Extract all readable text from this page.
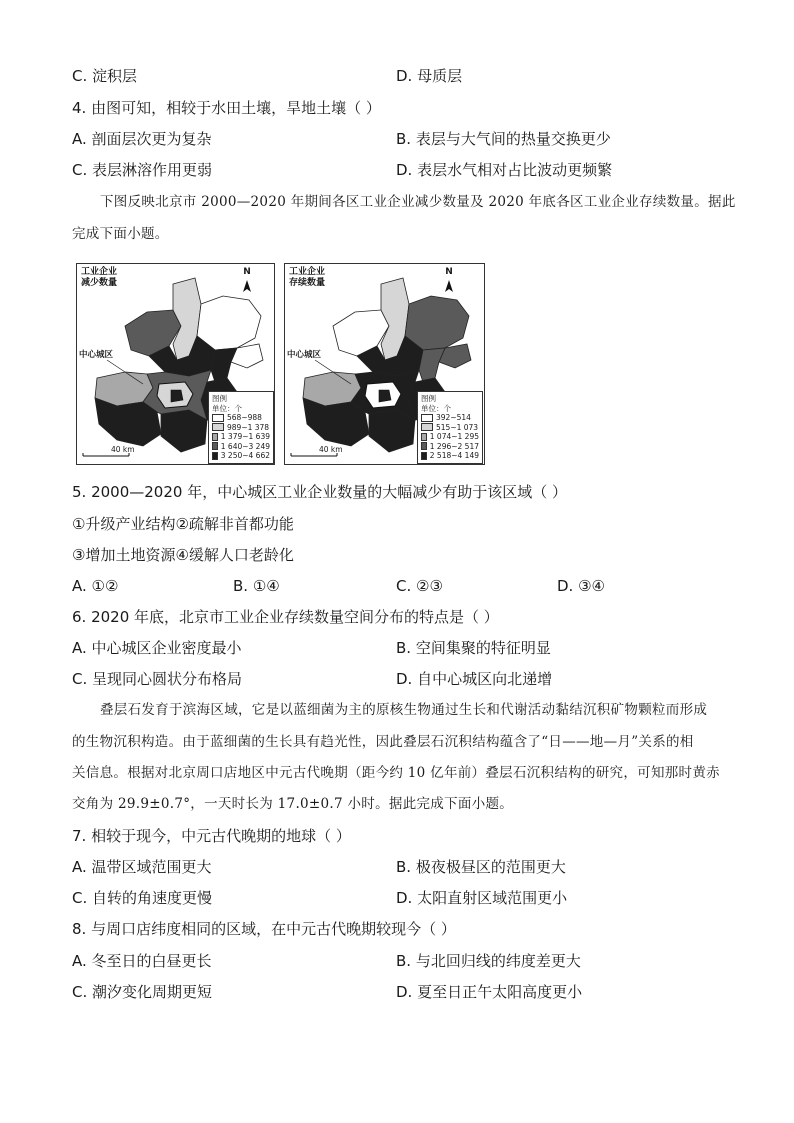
C. 淀积层	D. 母质层
4. 由图可知，相较于水田土壤，旱地土壤（ ）
A. 剖面层次更为复杂	B. 表层与大气间的热量交换更少
C. 表层淋溶作用更弱	D. 表层水气相对占比波动更频繁
下图反映北京市 2000—2020 年期间各区工业企业减少数量及 2020 年底各区工业企业存续数量。据此
完成下面小题。
工业企业
减少数量
N
中心城区
图例
单位：个
568~988
989~1 378
1 379~1 639
1 640~3 249
3 250~4 662
40 km
工业企业
存续数量
N
中心城区
图例
单位：个
392~514
515~1 073
1 074~1 295
1 296~2 517
2 518~4 149
40 km
5. 2000—2020 年，中心城区工业企业数量的大幅减少有助于该区域（ ）
①升级产业结构②疏解非首都功能
③增加土地资源④缓解人口老龄化
A. ①②	B. ①④	C. ②③	D. ③④
6. 2020 年底，北京市工业企业存续数量空间分布的特点是（ ）
A. 中心城区企业密度最小	B. 空间集聚的特征明显
C. 呈现同心圆状分布格局	D. 自中心城区向北递增
叠层石发育于滨海区域，它是以蓝细菌为主的原核生物通过生长和代谢活动黏结沉积矿物颗粒而形成
的生物沉积构造。由于蓝细菌的生长具有趋光性，因此叠层石沉积结构蕴含了“日——地—月”关系的相
关信息。根据对北京周口店地区中元古代晚期（距今约 10 亿年前）叠层石沉积结构的研究，可知那时黄赤
交角为 29.9±0.7°，一天时长为 17.0±0.7 小时。据此完成下面小题。
7. 相较于现今，中元古代晚期的地球（ ）
A. 温带区域范围更大	B. 极夜极昼区的范围更大
C. 自转的角速度更慢	D. 太阳直射区域范围更小
8. 与周口店纬度相同的区域，在中元古代晚期较现今（ ）
A. 冬至日的白昼更长	B. 与北回归线的纬度差更大
C. 潮汐变化周期更短	D. 夏至日正午太阳高度更小
